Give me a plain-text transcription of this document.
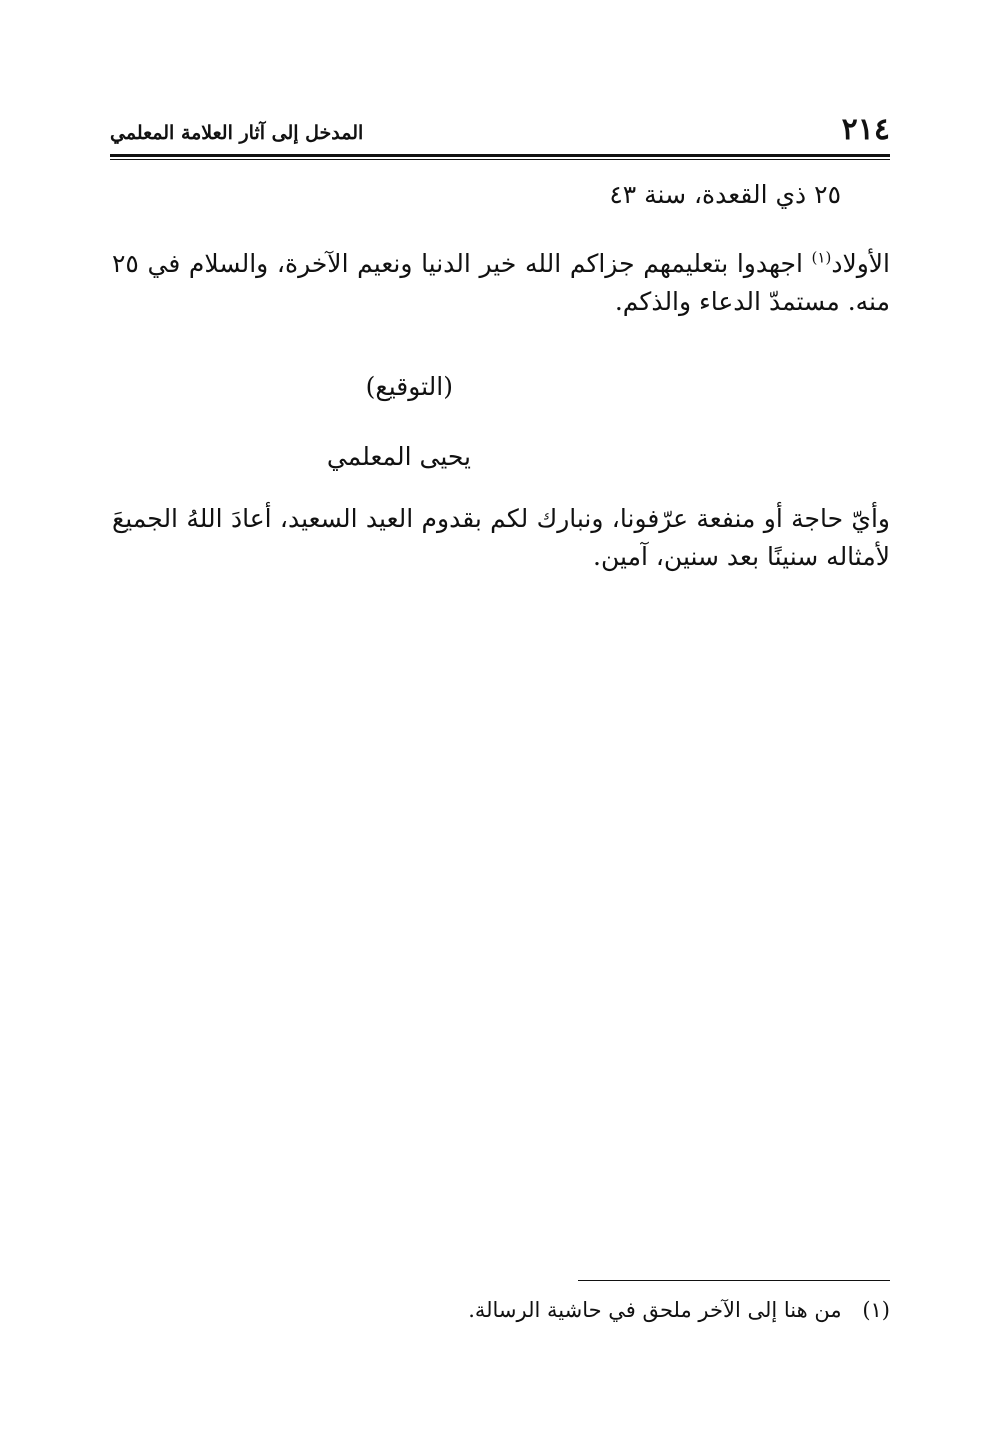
٢١٤
المدخل إلى آثار العلامة المعلمي
٢٥ ذي القعدة، سنة ٤٣

الأولاد$^{(١)}$ اجهدوا بتعليمهم جزاكم الله خير الدنيا ونعيم الآخرة، والسلام في ٢٥ منه. مستمدّ الدعاء والذكم.

(التوقيع)
يحيى المعلمي

وأيّ حاجة أو منفعة عرّفونا، ونبارك لكم بقدوم العيد السعيد، أعادَ اللهُ الجميعَ لأمثاله سنينًا بعد سنين، آمين.

(١) من هنا إلى الآخر ملحق في حاشية الرسالة.
